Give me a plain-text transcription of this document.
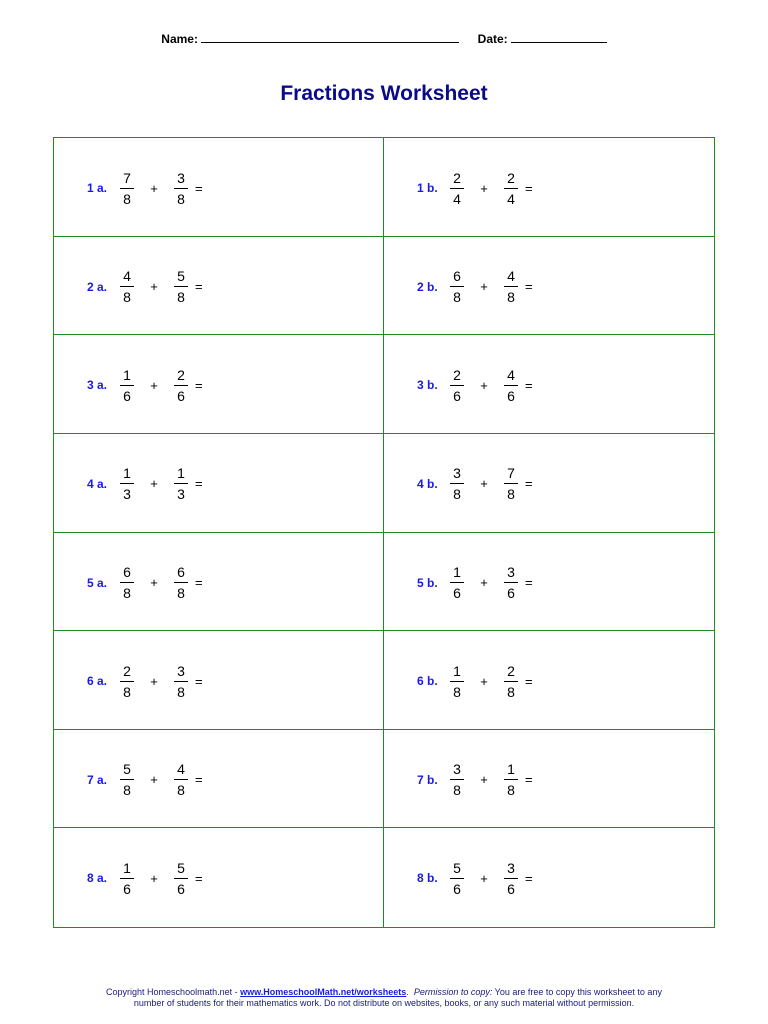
Name:	Date:
Fractions Worksheet
1 a. $\frac{7}{8}$	+	$\frac{3}{8}$ =	1 b. $\frac{2}{4}$	+	$\frac{2}{4}$ =
2 a. $\frac{4}{8}$	+	$\frac{5}{8}$ =	2 b. $\frac{6}{8}$	+	$\frac{4}{8}$ =
3 a. $\frac{1}{6}$	+	$\frac{2}{6}$ =	3 b. $\frac{2}{6}$	+	$\frac{4}{6}$ =
4 a. $\frac{1}{3}$	+	$\frac{1}{3}$ =	4 b. $\frac{3}{8}$	+	$\frac{7}{8}$ =
5 a. $\frac{6}{8}$	+	$\frac{6}{8}$ =	5 b. $\frac{1}{6}$	+	$\frac{3}{6}$ =
6 a. $\frac{2}{8}$	+	$\frac{3}{8}$ =	6 b. $\frac{1}{8}$	+	$\frac{2}{8}$ =
7 a. $\frac{5}{8}$	+	$\frac{4}{8}$ =	7 b. $\frac{3}{8}$	+	$\frac{1}{8}$ =
8 a. $\frac{1}{6}$	+	$\frac{5}{6}$ =	8 b. $\frac{5}{6}$	+	$\frac{3}{6}$ =
Copyright Homeschoolmath.net - www.HomeschoolMath.net/worksheets.  Permission to copy: You are free to copy this worksheet to any
number of students for their mathematics work. Do not distribute on websites, books, or any such material without permission.
